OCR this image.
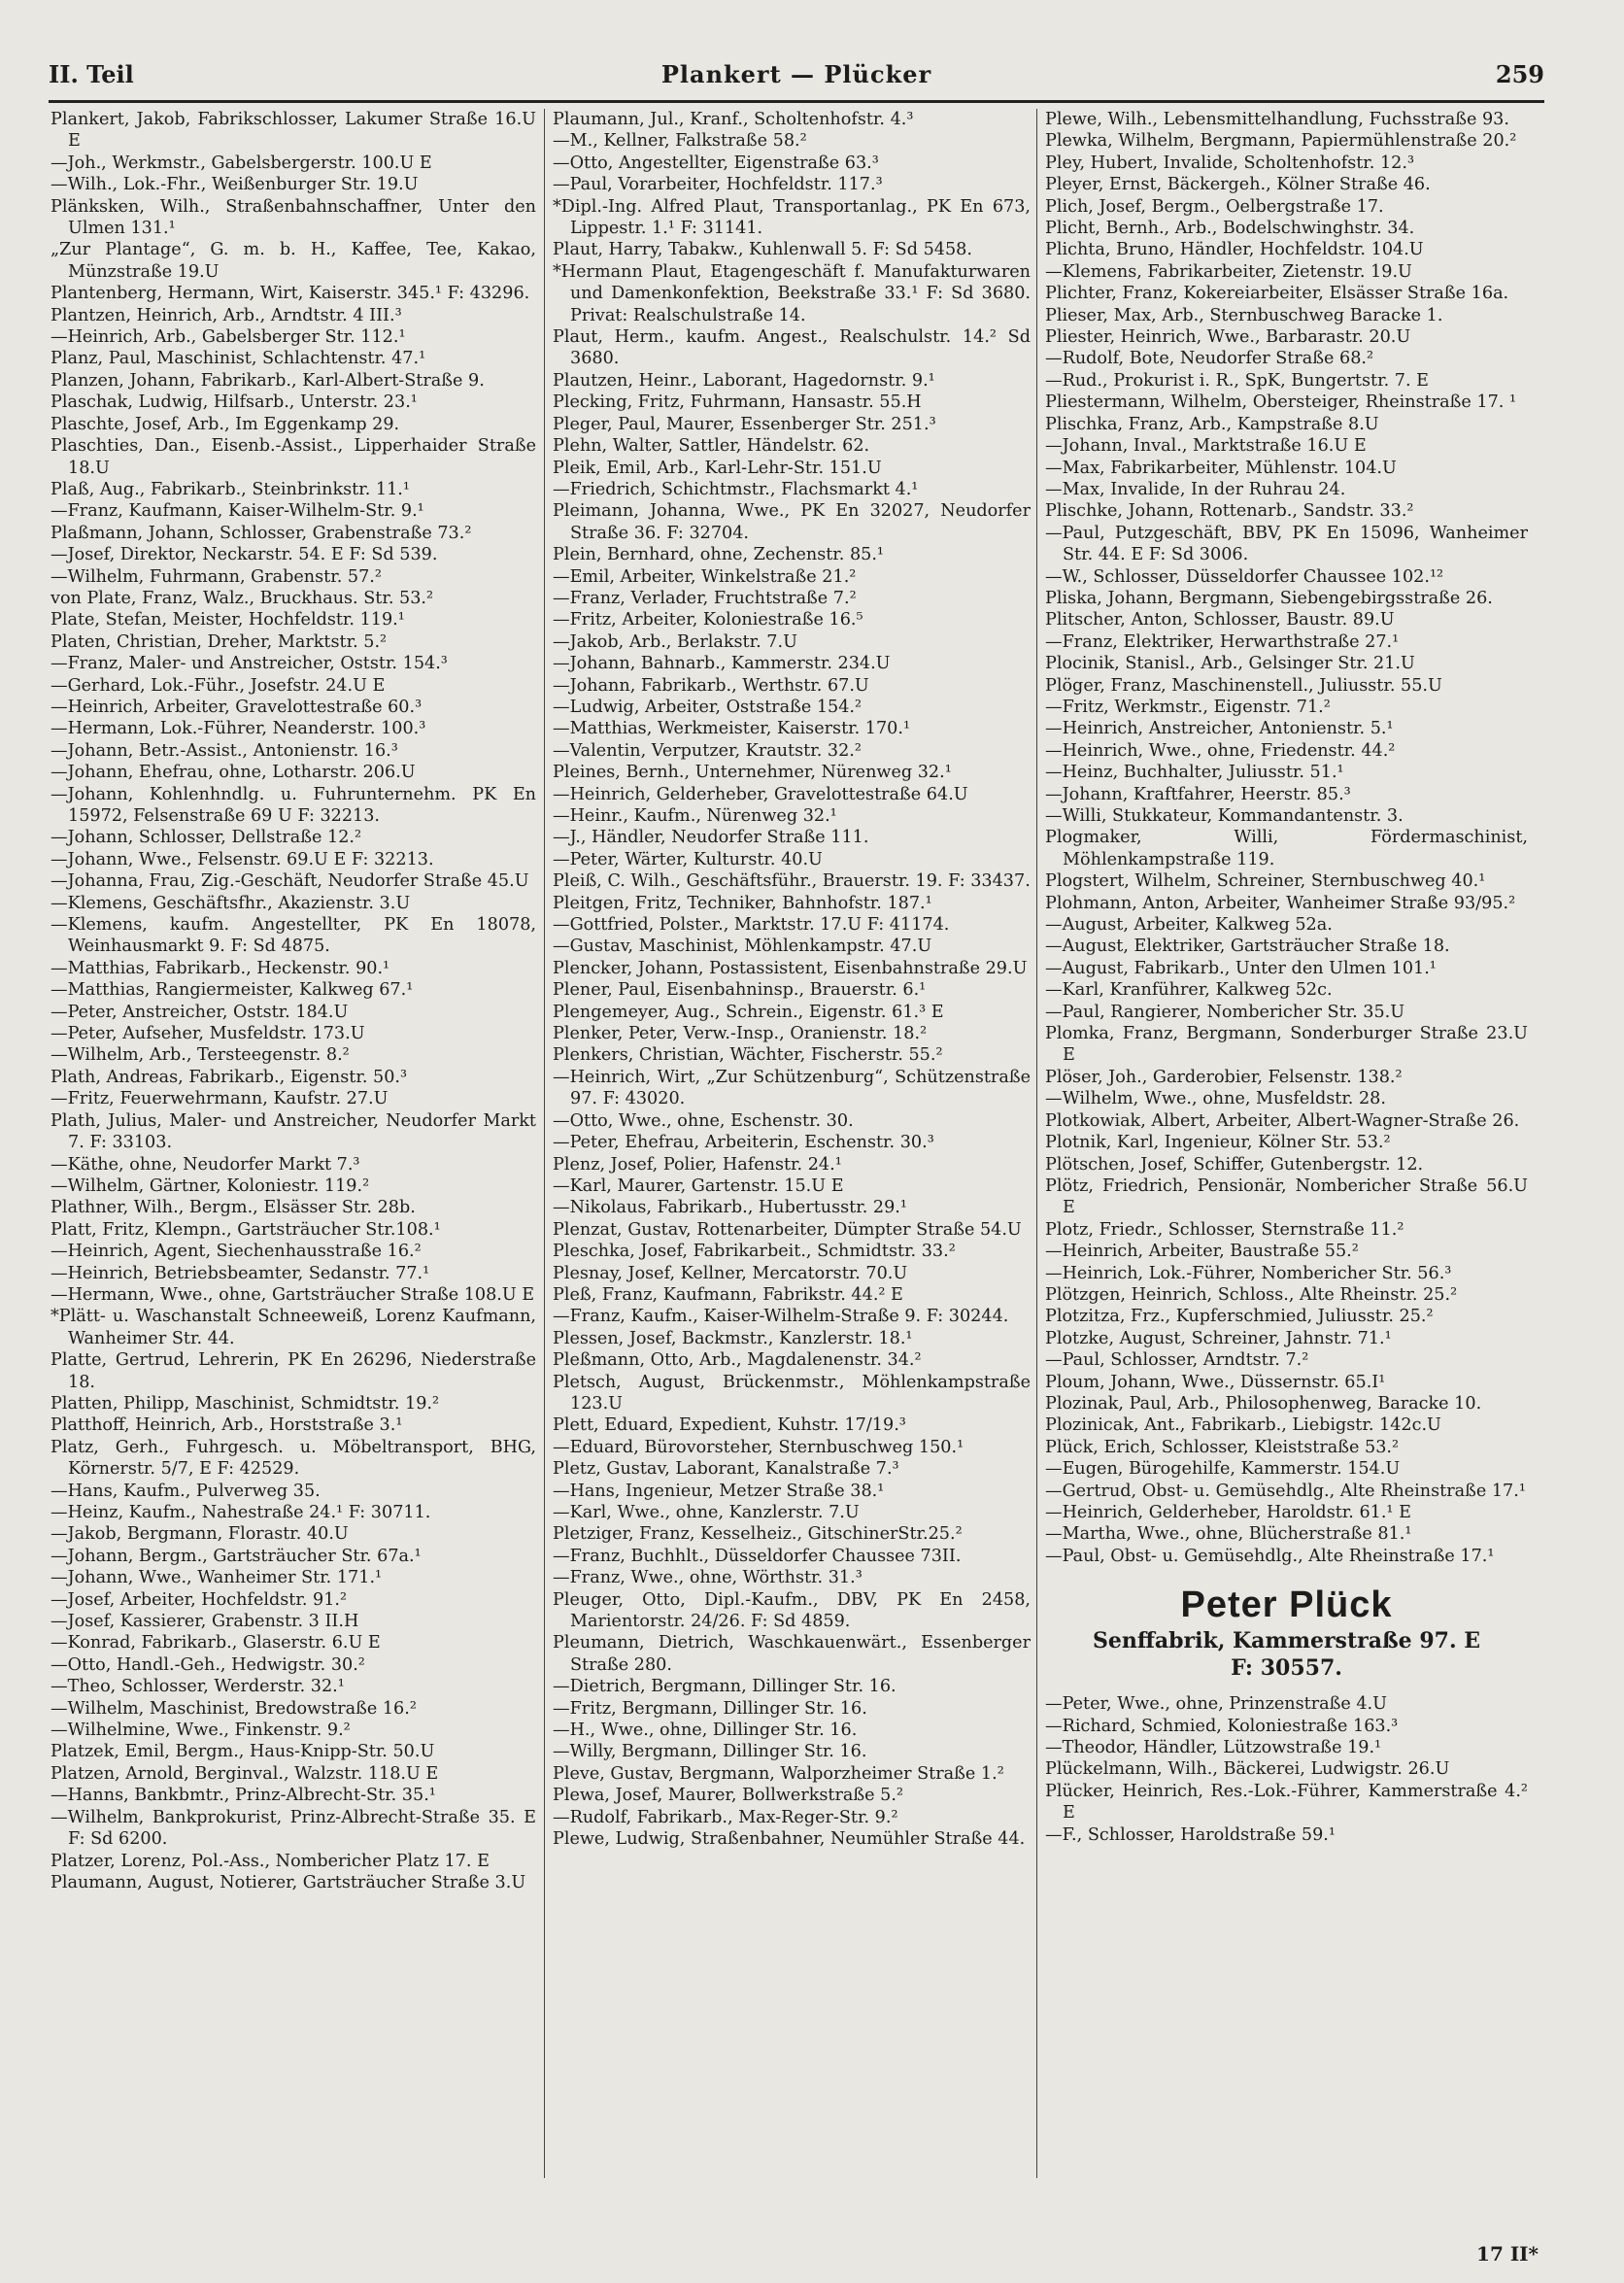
II. Teil	Plankert — Plücker	259

Plankert, Jakob, Fabrikschlosser, Lakumer Straße 16.U E

—Joh., Werkmstr., Gabelsbergerstr. 100.U E

—Wilh., Lok.-Fhr., Weißenburger Str. 19.U

Plänksken, Wilh., Straßenbahnschaffner, Unter den Ulmen 131.¹

„Zur Plantage“, G. m. b. H., Kaffee, Tee, Kakao, Münzstraße 19.U

Plantenberg, Hermann, Wirt, Kaiserstr. 345.¹ F: 43296.

Plantzen, Heinrich, Arb., Arndtstr. 4 III.³

—Heinrich, Arb., Gabelsberger Str. 112.¹

Planz, Paul, Maschinist, Schlachtenstr. 47.¹

Planzen, Johann, Fabrikarb., Karl-Albert-Straße 9.

Plaschak, Ludwig, Hilfsarb., Unterstr. 23.¹

Plaschte, Josef, Arb., Im Eggenkamp 29.

Plaschties, Dan., Eisenb.-Assist., Lipperhaider Straße 18.U

Plaß, Aug., Fabrikarb., Steinbrinkstr. 11.¹

—Franz, Kaufmann, Kaiser-Wilhelm-Str. 9.¹

Plaßmann, Johann, Schlosser, Grabenstraße 73.²

—Josef, Direktor, Neckarstr. 54. E F: Sd 539.

—Wilhelm, Fuhrmann, Grabenstr. 57.²

von Plate, Franz, Walz., Bruckhaus. Str. 53.²

Plate, Stefan, Meister, Hochfeldstr. 119.¹

Platen, Christian, Dreher, Marktstr. 5.²

—Franz, Maler- und Anstreicher, Oststr. 154.³

—Gerhard, Lok.-Führ., Josefstr. 24.U E

—Heinrich, Arbeiter, Gravelottestraße 60.³

—Hermann, Lok.-Führer, Neanderstr. 100.³

—Johann, Betr.-Assist., Antonienstr. 16.³

—Johann, Ehefrau, ohne, Lotharstr. 206.U

—Johann, Kohlenhndlg. u. Fuhrunternehm. PK En 15972, Felsenstraße 69 U F: 32213.

—Johann, Schlosser, Dellstraße 12.²

—Johann, Wwe., Felsenstr. 69.U E F: 32213.

—Johanna, Frau, Zig.-Geschäft, Neudorfer Straße 45.U

—Klemens, Geschäftsfhr., Akazienstr. 3.U

—Klemens, kaufm. Angestellter, PK En 18078, Weinhausmarkt 9. F: Sd 4875.

—Matthias, Fabrikarb., Heckenstr. 90.¹

—Matthias, Rangiermeister, Kalkweg 67.¹

—Peter, Anstreicher, Oststr. 184.U

—Peter, Aufseher, Musfeldstr. 173.U

—Wilhelm, Arb., Tersteegenstr. 8.²

Plath, Andreas, Fabrikarb., Eigenstr. 50.³

—Fritz, Feuerwehrmann, Kaufstr. 27.U

Plath, Julius, Maler- und Anstreicher, Neudorfer Markt 7. F: 33103.

—Käthe, ohne, Neudorfer Markt 7.³

—Wilhelm, Gärtner, Koloniestr. 119.²

Plathner, Wilh., Bergm., Elsässer Str. 28b.

Platt, Fritz, Klempn., Gartsträucher Str.108.¹

—Heinrich, Agent, Siechenhausstraße 16.²

—Heinrich, Betriebsbeamter, Sedanstr. 77.¹

—Hermann, Wwe., ohne, Gartsträucher Straße 108.U E

*Plätt- u. Waschanstalt Schneeweiß, Lorenz Kaufmann, Wanheimer Str. 44.

Platte, Gertrud, Lehrerin, PK En 26296, Niederstraße 18.

Platten, Philipp, Maschinist, Schmidtstr. 19.²

Platthoff, Heinrich, Arb., Horststraße 3.¹

Platz, Gerh., Fuhrgesch. u. Möbeltransport, BHG, Körnerstr. 5/7, E F: 42529.

—Hans, Kaufm., Pulverweg 35.

—Heinz, Kaufm., Nahestraße 24.¹ F: 30711.

—Jakob, Bergmann, Florastr. 40.U

—Johann, Bergm., Gartsträucher Str. 67a.¹

—Johann, Wwe., Wanheimer Str. 171.¹

—Josef, Arbeiter, Hochfeldstr. 91.²

—Josef, Kassierer, Grabenstr. 3 II.H

—Konrad, Fabrikarb., Glaserstr. 6.U E

—Otto, Handl.-Geh., Hedwigstr. 30.²

—Theo, Schlosser, Werderstr. 32.¹

—Wilhelm, Maschinist, Bredowstraße 16.²

—Wilhelmine, Wwe., Finkenstr. 9.²

Platzek, Emil, Bergm., Haus-Knipp-Str. 50.U

Platzen, Arnold, Berginval., Walzstr. 118.U E

—Hanns, Bankbmtr., Prinz-Albrecht-Str. 35.¹

—Wilhelm, Bankprokurist, Prinz-Albrecht-Straße 35. E F: Sd 6200.

Platzer, Lorenz, Pol.-Ass., Nombericher Platz 17. E

Plaumann, August, Notierer, Gartsträucher Straße 3.U

Plaumann, Jul., Kranf., Scholtenhofstr. 4.³

—M., Kellner, Falkstraße 58.²

—Otto, Angestellter, Eigenstraße 63.³

—Paul, Vorarbeiter, Hochfeldstr. 117.³

*Dipl.-Ing. Alfred Plaut, Transportanlag., PK En 673, Lippestr. 1.¹ F: 31141.

Plaut, Harry, Tabakw., Kuhlenwall 5. F: Sd 5458.

*Hermann Plaut, Etagengeschäft f. Manufakturwaren und Damenkonfektion, Beekstraße 33.¹ F: Sd 3680. Privat: Realschulstraße 14.

Plaut, Herm., kaufm. Angest., Realschulstr. 14.² Sd 3680.

Plautzen, Heinr., Laborant, Hagedornstr. 9.¹

Plecking, Fritz, Fuhrmann, Hansastr. 55.H

Pleger, Paul, Maurer, Essenberger Str. 251.³

Plehn, Walter, Sattler, Händelstr. 62.

Pleik, Emil, Arb., Karl-Lehr-Str. 151.U

—Friedrich, Schichtmstr., Flachsmarkt 4.¹

Pleimann, Johanna, Wwe., PK En 32027, Neudorfer Straße 36. F: 32704.

Plein, Bernhard, ohne, Zechenstr. 85.¹

—Emil, Arbeiter, Winkelstraße 21.²

—Franz, Verlader, Fruchtstraße 7.²

—Fritz, Arbeiter, Koloniestraße 16.⁵

—Jakob, Arb., Berlakstr. 7.U

—Johann, Bahnarb., Kammerstr. 234.U

—Johann, Fabrikarb., Werthstr. 67.U

—Ludwig, Arbeiter, Oststraße 154.²

—Matthias, Werkmeister, Kaiserstr. 170.¹

—Valentin, Verputzer, Krautstr. 32.²

Pleines, Bernh., Unternehmer, Nürenweg 32.¹

—Heinrich, Gelderheber, Gravelottestraße 64.U

—Heinr., Kaufm., Nürenweg 32.¹

—J., Händler, Neudorfer Straße 111.

—Peter, Wärter, Kulturstr. 40.U

Pleiß, C. Wilh., Geschäftsführ., Brauerstr. 19. F: 33437.

Pleitgen, Fritz, Techniker, Bahnhofstr. 187.¹

—Gottfried, Polster., Marktstr. 17.U F: 41174.

—Gustav, Maschinist, Möhlenkampstr. 47.U

Plencker, Johann, Postassistent, Eisenbahnstraße 29.U

Plener, Paul, Eisenbahninsp., Brauerstr. 6.¹

Plengemeyer, Aug., Schrein., Eigenstr. 61.³ E

Plenker, Peter, Verw.-Insp., Oranienstr. 18.²

Plenkers, Christian, Wächter, Fischerstr. 55.²

—Heinrich, Wirt, „Zur Schützenburg“, Schützenstraße 97. F: 43020.

—Otto, Wwe., ohne, Eschenstr. 30.

—Peter, Ehefrau, Arbeiterin, Eschenstr. 30.³

Plenz, Josef, Polier, Hafenstr. 24.¹

—Karl, Maurer, Gartenstr. 15.U E

—Nikolaus, Fabrikarb., Hubertusstr. 29.¹

Plenzat, Gustav, Rottenarbeiter, Dümpter Straße 54.U

Pleschka, Josef, Fabrikarbeit., Schmidtstr. 33.²

Plesnay, Josef, Kellner, Mercatorstr. 70.U

Pleß, Franz, Kaufmann, Fabrikstr. 44.² E

—Franz, Kaufm., Kaiser-Wilhelm-Straße 9. F: 30244.

Plessen, Josef, Backmstr., Kanzlerstr. 18.¹

Pleßmann, Otto, Arb., Magdalenenstr. 34.²

Pletsch, August, Brückenmstr., Möhlenkampstraße 123.U

Plett, Eduard, Expedient, Kuhstr. 17/19.³

—Eduard, Bürovorsteher, Sternbuschweg 150.¹

Pletz, Gustav, Laborant, Kanalstraße 7.³

—Hans, Ingenieur, Metzer Straße 38.¹

—Karl, Wwe., ohne, Kanzlerstr. 7.U

Pletziger, Franz, Kesselheiz., GitschinerStr.25.²

—Franz, Buchhlt., Düsseldorfer Chaussee 73II.

—Franz, Wwe., ohne, Wörthstr. 31.³

Pleuger, Otto, Dipl.-Kaufm., DBV, PK En 2458, Marientorstr. 24/26. F: Sd 4859.

Pleumann, Dietrich, Waschkauenwärt., Essenberger Straße 280.

—Dietrich, Bergmann, Dillinger Str. 16.

—Fritz, Bergmann, Dillinger Str. 16.

—H., Wwe., ohne, Dillinger Str. 16.

—Willy, Bergmann, Dillinger Str. 16.

Pleve, Gustav, Bergmann, Walporzheimer Straße 1.²

Plewa, Josef, Maurer, Bollwerkstraße 5.²

—Rudolf, Fabrikarb., Max-Reger-Str. 9.²

Plewe, Ludwig, Straßenbahner, Neumühler Straße 44.

Plewe, Wilh., Lebensmittelhandlung, Fuchsstraße 93.

Plewka, Wilhelm, Bergmann, Papiermühlenstraße 20.²

Pley, Hubert, Invalide, Scholtenhofstr. 12.³

Pleyer, Ernst, Bäckergeh., Kölner Straße 46.

Plich, Josef, Bergm., Oelbergstraße 17.

Plicht, Bernh., Arb., Bodelschwinghstr. 34.

Plichta, Bruno, Händler, Hochfeldstr. 104.U

—Klemens, Fabrikarbeiter, Zietenstr. 19.U

Plichter, Franz, Kokereiarbeiter, Elsässer Straße 16a.

Plieser, Max, Arb., Sternbuschweg Baracke 1.

Pliester, Heinrich, Wwe., Barbarastr. 20.U

—Rudolf, Bote, Neudorfer Straße 68.²

—Rud., Prokurist i. R., SpK, Bungertstr. 7. E

Pliestermann, Wilhelm, Obersteiger, Rheinstraße 17. ¹

Plischka, Franz, Arb., Kampstraße 8.U

—Johann, Inval., Marktstraße 16.U E

—Max, Fabrikarbeiter, Mühlenstr. 104.U

—Max, Invalide, In der Ruhrau 24.

Plischke, Johann, Rottenarb., Sandstr. 33.²

—Paul, Putzgeschäft, BBV, PK En 15096, Wanheimer Str. 44. E F: Sd 3006.

—W., Schlosser, Düsseldorfer Chaussee 102.¹²

Pliska, Johann, Bergmann, Siebengebirgsstraße 26.

Plitscher, Anton, Schlosser, Baustr. 89.U

—Franz, Elektriker, Herwarthstraße 27.¹

Plocinik, Stanisl., Arb., Gelsinger Str. 21.U

Plöger, Franz, Maschinenstell., Juliusstr. 55.U

—Fritz, Werkmstr., Eigenstr. 71.²

—Heinrich, Anstreicher, Antonienstr. 5.¹

—Heinrich, Wwe., ohne, Friedenstr. 44.²

—Heinz, Buchhalter, Juliusstr. 51.¹

—Johann, Kraftfahrer, Heerstr. 85.³

—Willi, Stukkateur, Kommandantenstr. 3.

Plogmaker, Willi, Fördermaschinist, Möhlenkampstraße 119.

Plogstert, Wilhelm, Schreiner, Sternbuschweg 40.¹

Plohmann, Anton, Arbeiter, Wanheimer Straße 93/95.²

—August, Arbeiter, Kalkweg 52a.

—August, Elektriker, Gartsträucher Straße 18.

—August, Fabrikarb., Unter den Ulmen 101.¹

—Karl, Kranführer, Kalkweg 52c.

—Paul, Rangierer, Nombericher Str. 35.U

Plomka, Franz, Bergmann, Sonderburger Straße 23.U E

Plöser, Joh., Garderobier, Felsenstr. 138.²

—Wilhelm, Wwe., ohne, Musfeldstr. 28.

Plotkowiak, Albert, Arbeiter, Albert-Wagner-Straße 26.

Plotnik, Karl, Ingenieur, Kölner Str. 53.²

Plötschen, Josef, Schiffer, Gutenbergstr. 12.

Plötz, Friedrich, Pensionär, Nombericher Straße 56.U E

Plotz, Friedr., Schlosser, Sternstraße 11.²

—Heinrich, Arbeiter, Baustraße 55.²

—Heinrich, Lok.-Führer, Nombericher Str. 56.³

Plötzgen, Heinrich, Schloss., Alte Rheinstr. 25.²

Plotzitza, Frz., Kupferschmied, Juliusstr. 25.²

Plotzke, August, Schreiner, Jahnstr. 71.¹

—Paul, Schlosser, Arndtstr. 7.²

Ploum, Johann, Wwe., Düssernstr. 65.I¹

Plozinak, Paul, Arb., Philosophenweg, Baracke 10.

Plozinicak, Ant., Fabrikarb., Liebigstr. 142c.U

Plück, Erich, Schlosser, Kleiststraße 53.²

—Eugen, Bürogehilfe, Kammerstr. 154.U

—Gertrud, Obst- u. Gemüsehdlg., Alte Rheinstraße 17.¹

—Heinrich, Gelderheber, Haroldstr. 61.¹ E

—Martha, Wwe., ohne, Blücherstraße 81.¹

—Paul, Obst- u. Gemüsehdlg., Alte Rheinstraße 17.¹

Peter Plück
Senffabrik, Kammerstraße 97. E
F: 30557.

—Peter, Wwe., ohne, Prinzenstraße 4.U

—Richard, Schmied, Koloniestraße 163.³

—Theodor, Händler, Lützowstraße 19.¹

Plückelmann, Wilh., Bäckerei, Ludwigstr. 26.U

Plücker, Heinrich, Res.-Lok.-Führer, Kammerstraße 4.² E

—F., Schlosser, Haroldstraße 59.¹

17 II*
